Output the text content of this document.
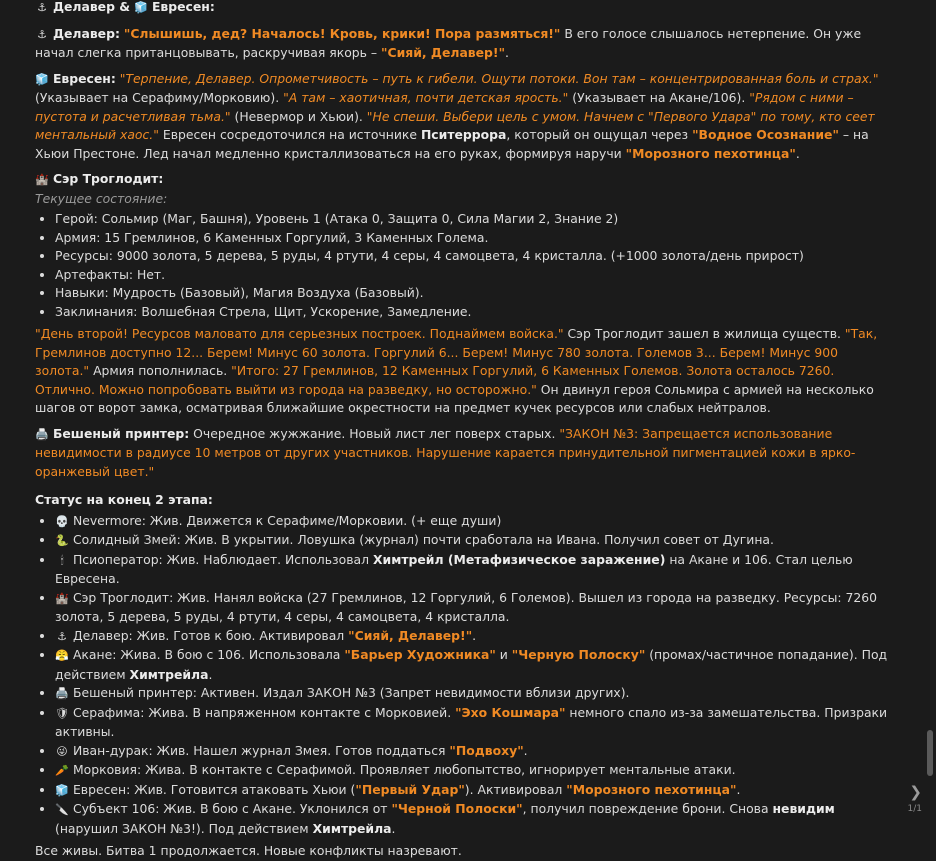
⚓ Делавер & 🧊 Евресен:

⚓ Делавер: "Слышишь, дед? Началось! Кровь, крики! Пора размяться!" В его голосе слышалось нетерпение. Он уже начал слегка пританцовывать, раскручивая якорь – "Сияй, Делавер!".

🧊 Евресен: "Терпение, Делавер. Опрометчивость – путь к гибели. Ощути потоки. Вон там – концентрированная боль и страх." (Указывает на Серафиму/Морковию). "А там – хаотичная, почти детская ярость." (Указывает на Акане/106). "Рядом с ними – пустота и расчетливая тьма." (Невермор и Хьюи). "Не спеши. Выбери цель с умом. Начнем с "Первого Удара" по тому, кто сеет ментальный хаос." Евресен сосредоточился на источнике Пситеррора, который он ощущал через "Водное Осознание" – на Хьюи Престоне. Лед начал медленно кристаллизоваться на его руках, формируя наручи "Морозного пехотинца".

🏰 Сэр Троглодит:

Текущее состояние:

• Герой: Сольмир (Маг, Башня), Уровень 1 (Атака 0, Защита 0, Сила Магии 2, Знание 2)
• Армия: 15 Гремлинов, 6 Каменных Горгулий, 3 Каменных Голема.
• Ресурсы: 9000 золота, 5 дерева, 5 руды, 4 ртути, 4 серы, 4 самоцвета, 4 кристалла. (+1000 золота/день прирост)
• Артефакты: Нет.
• Навыки: Мудрость (Базовый), Магия Воздуха (Базовый).
• Заклинания: Волшебная Стрела, Щит, Ускорение, Замедление.

"День второй! Ресурсов маловато для серьезных построек. Поднаймем войска." Сэр Троглодит зашел в жилища существ. "Так, Гремлинов доступно 12... Берем! Минус 60 золота. Горгулий 6... Берем! Минус 780 золота. Големов 3... Берем! Минус 900 золота." Армия пополнилась. "Итого: 27 Гремлинов, 12 Каменных Горгулий, 6 Каменных Големов. Золота осталось 7260. Отлично. Можно попробовать выйти из города на разведку, но осторожно." Он двинул героя Сольмира с армией на несколько шагов от ворот замка, осматривая ближайшие окрестности на предмет кучек ресурсов или слабых нейтралов.

🖨️ Бешеный принтер: Очередное жужжание. Новый лист лег поверх старых. "ЗАКОН №3: Запрещается использование невидимости в радиусе 10 метров от других участников. Нарушение карается принудительной пигментацией кожи в ярко-оранжевый цвет."

Статус на конец 2 этапа:

• 💀 Nevermore: Жив. Движется к Серафиме/Морковии. (+ еще души)
• 🐍 Солидный Змей: Жив. В укрытии. Ловушка (журнал) почти сработала на Ивана. Получил совет от Дугина.
• 🕯 Псиоператор: Жив. Наблюдает. Использовал Химтрейл (Метафизическое заражение) на Акане и 106. Стал целью Евресена.
• 🏰 Сэр Троглодит: Жив. Нанял войска (27 Гремлинов, 12 Горгулий, 6 Големов). Вышел из города на разведку. Ресурсы: 7260 золота, 5 дерева, 5 руды, 4 ртути, 4 серы, 4 самоцвета, 4 кристалла.
• ⚓ Делавер: Жив. Готов к бою. Активировал "Сияй, Делавер!".
• 😤 Акане: Жива. В бою с 106. Использовала "Барьер Художника" и "Черную Полоску" (промах/частичное попадание). Под действием Химтрейла.
• 🖨️ Бешеный принтер: Активен. Издал ЗАКОН №3 (Запрет невидимости вблизи других).
• 🛡 Серафима: Жива. В напряженном контакте с Морковией. "Эхо Кошмара" немного спало из-за замешательства. Призраки активны.
• 😜 Иван-дурак: Жив. Нашел журнал Змея. Готов поддаться "Подвоху".
• 🥕 Морковия: Жива. В контакте с Серафимой. Проявляет любопытство, игнорирует ментальные атаки.
• 🧊 Евресен: Жив. Готовится атаковать Хьюи ("Первый Удар"). Активировал "Морозного пехотинца".
• 🔪 Субъект 106: Жив. В бою с Акане. Уклонился от "Черной Полоски", получил повреждение брони. Снова невидим (нарушил ЗАКОН №3!). Под действием Химтрейла.

Все живы. Битва 1 продолжается. Новые конфликты назревают.

❯
1/1
